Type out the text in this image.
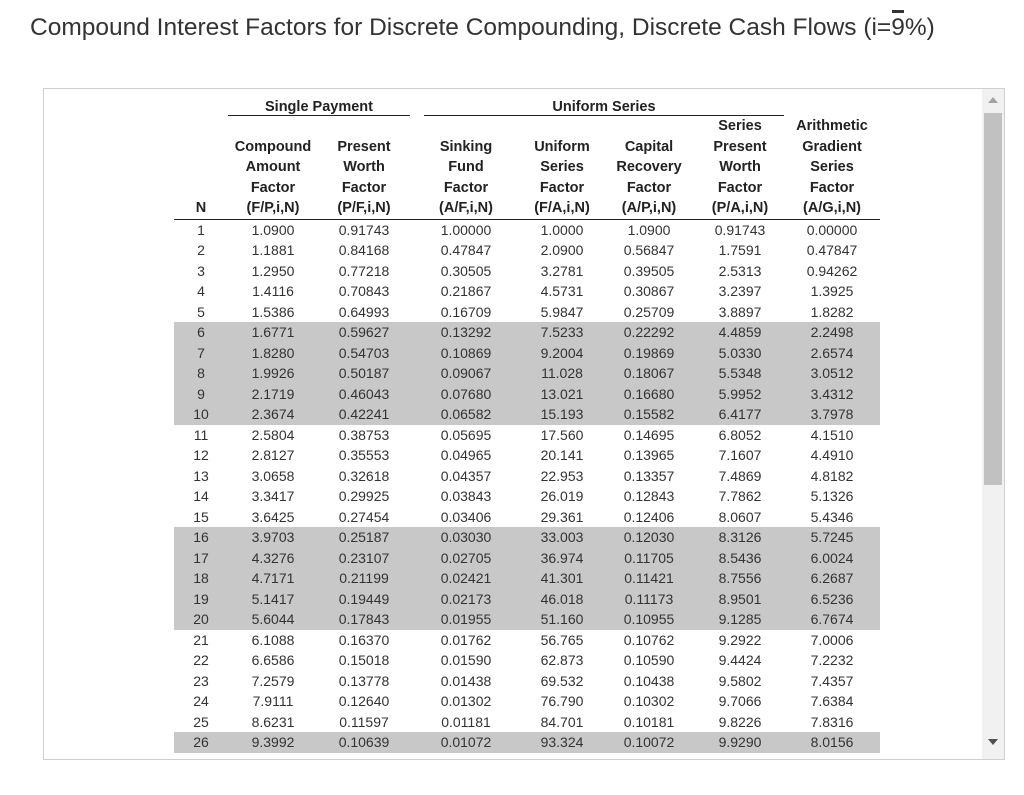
Compound Interest Factors for Discrete Compounding, Discrete Cash Flows (i=9%)
	Single Payment			Uniform Series				
N	Compound
Amount
Factor
(F/P,i,N)	Present
Worth
Factor
(P/F,i,N)	Sinking
Fund
Factor
(A/F,i,N)		Uniform
Series
Factor
(F/A,i,N)	Capital
Recovery
Factor
(A/P,i,N)	Series
Present
Worth
Factor
(P/A,i,N)	Arithmetic
Gradient
Series
Factor
(A/G,i,N)
1	1.0900	0.91743	1.00000		1.0000	1.0900	0.91743	0.00000
2	1.1881	0.84168	0.47847		2.0900	0.56847	1.7591	0.47847
3	1.2950	0.77218	0.30505		3.2781	0.39505	2.5313	0.94262
4	1.4116	0.70843	0.21867		4.5731	0.30867	3.2397	1.3925
5	1.5386	0.64993	0.16709		5.9847	0.25709	3.8897	1.8282
6	1.6771	0.59627	0.13292		7.5233	0.22292	4.4859	2.2498
7	1.8280	0.54703	0.10869		9.2004	0.19869	5.0330	2.6574
8	1.9926	0.50187	0.09067		11.028	0.18067	5.5348	3.0512
9	2.1719	0.46043	0.07680		13.021	0.16680	5.9952	3.4312
10	2.3674	0.42241	0.06582		15.193	0.15582	6.4177	3.7978
11	2.5804	0.38753	0.05695		17.560	0.14695	6.8052	4.1510
12	2.8127	0.35553	0.04965		20.141	0.13965	7.1607	4.4910
13	3.0658	0.32618	0.04357		22.953	0.13357	7.4869	4.8182
14	3.3417	0.29925	0.03843		26.019	0.12843	7.7862	5.1326
15	3.6425	0.27454	0.03406		29.361	0.12406	8.0607	5.4346
16	3.9703	0.25187	0.03030		33.003	0.12030	8.3126	5.7245
17	4.3276	0.23107	0.02705		36.974	0.11705	8.5436	6.0024
18	4.7171	0.21199	0.02421		41.301	0.11421	8.7556	6.2687
19	5.1417	0.19449	0.02173		46.018	0.11173	8.9501	6.5236
20	5.6044	0.17843	0.01955		51.160	0.10955	9.1285	6.7674
21	6.1088	0.16370	0.01762		56.765	0.10762	9.2922	7.0006
22	6.6586	0.15018	0.01590		62.873	0.10590	9.4424	7.2232
23	7.2579	0.13778	0.01438		69.532	0.10438	9.5802	7.4357
24	7.9111	0.12640	0.01302		76.790	0.10302	9.7066	7.6384
25	8.6231	0.11597	0.01181		84.701	0.10181	9.8226	7.8316
26	9.3992	0.10639	0.01072		93.324	0.10072	9.9290	8.0156
